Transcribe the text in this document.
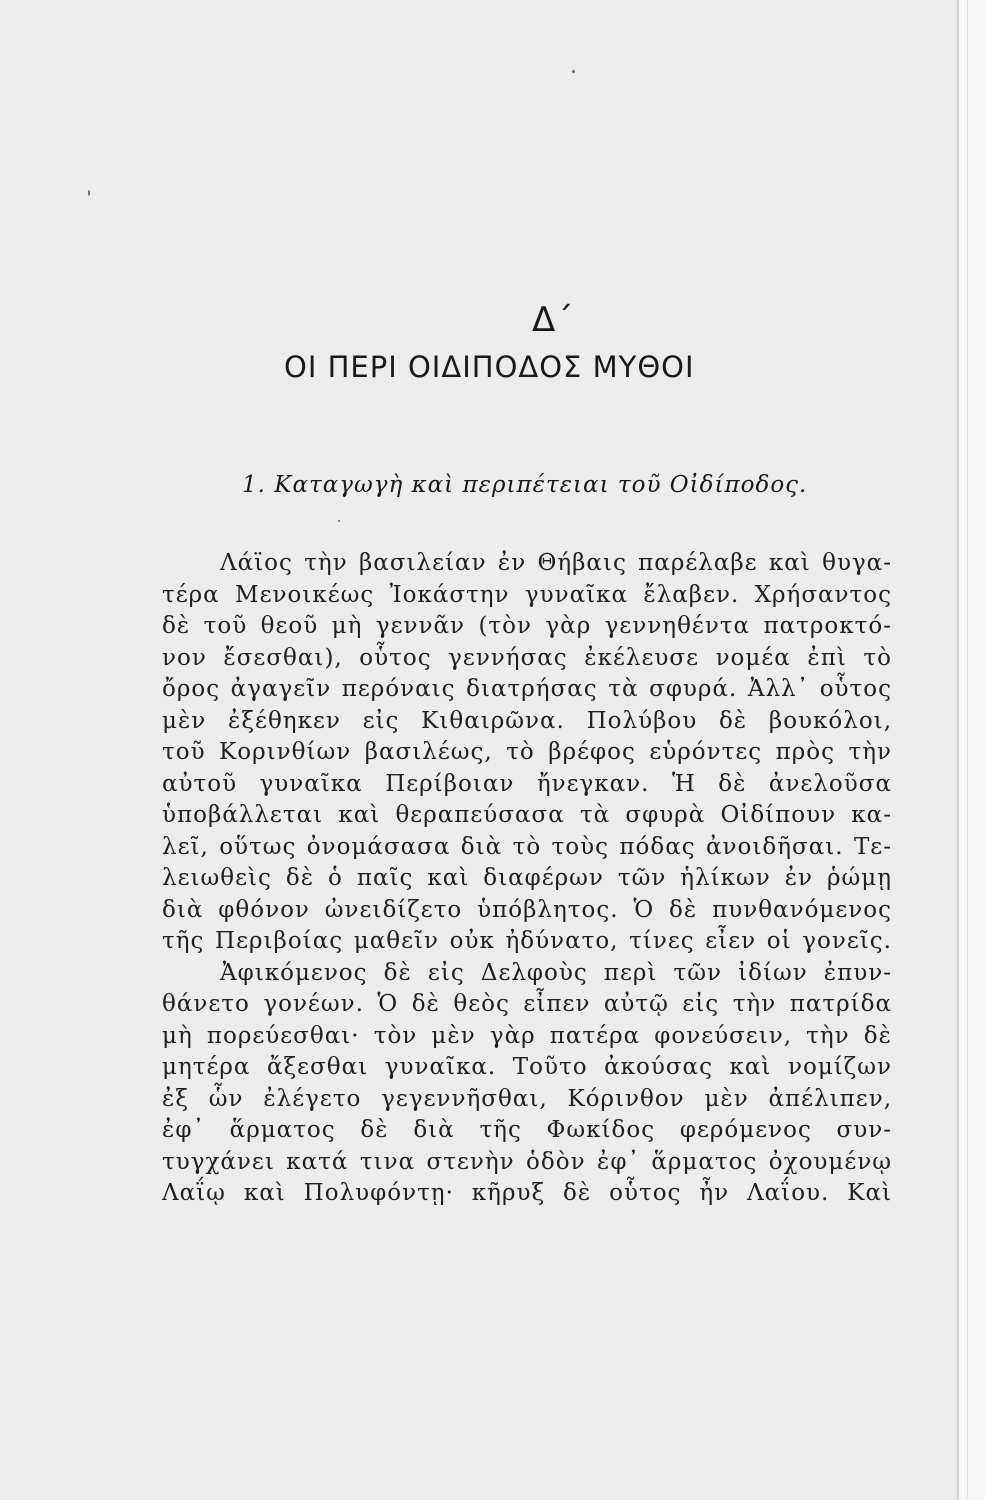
Δ΄
ΟΙ ΠΕΡΙ ΟΙΔΙΠΟΔΟΣ ΜΥΘΟΙ
1. Καταγωγὴ καὶ περιπέτειαι τοῦ Οἰδίποδος.
Λάϊος τὴν βασιλείαν ἐν Θήβαις παρέλαβε καὶ θυγα-
τέρα Μενοικέως Ἰοκάστην γυναῖκα ἔλαβεν. Χρήσαντος
δὲ τοῦ θεοῦ μὴ γεννᾶν (τὸν γὰρ γεννηθέντα πατροκτό-
νον ἔσεσθαι), οὗτος γεννήσας ἐκέλευσε νομέα ἐπὶ τὸ
ὄρος ἀγαγεῖν περόναις διατρήσας τὰ σφυρά. Ἀλλ᾽ οὗτος
μὲν ἐξέθηκεν εἰς Κιθαιρῶνα. Πολύβου δὲ βουκόλοι,
τοῦ Κορινθίων βασιλέως, τὸ βρέφος εὑρόντες πρὸς τὴν
αὐτοῦ γυναῖκα Περίβοιαν ἤνεγκαν. Ἡ δὲ ἀνελοῦσα
ὑποβάλλεται καὶ θεραπεύσασα τὰ σφυρὰ Οἰδίπουν κα-
λεῖ, οὕτως ὀνομάσασα διὰ τὸ τοὺς πόδας ἀνοιδῆσαι. Τε-
λειωθεὶς δὲ ὁ παῖς καὶ διαφέρων τῶν ἡλίκων ἐν ῥώμῃ
διὰ φθόνον ὠνειδίζετο ὑπόβλητος. Ὁ δὲ πυνθανόμενος
τῆς Περιβοίας μαθεῖν οὐκ ἠδύνατο, τίνες εἶεν οἱ γονεῖς.
Ἀφικόμενος δὲ εἰς Δελφοὺς περὶ τῶν ἰδίων ἐπυν-
θάνετο γονέων. Ὁ δὲ θεὸς εἶπεν αὐτῷ εἰς τὴν πατρίδα
μὴ πορεύεσθαι· τὸν μὲν γὰρ πατέρα φονεύσειν, τὴν δὲ
μητέρα ἄξεσθαι γυναῖκα. Τοῦτο ἀκούσας καὶ νομίζων
ἐξ ὧν ἐλέγετο γεγεννῆσθαι, Κόρινθον μὲν ἀπέλιπεν,
ἐφ᾽ ἅρματος δὲ διὰ τῆς Φωκίδος φερόμενος συν-
τυγχάνει κατά τινα στενὴν ὁδὸν ἐφ᾽ ἅρματος ὀχουμένῳ
Λαΐῳ καὶ Πολυφόντῃ· κῆρυξ δὲ οὗτος ἦν Λαΐου. Καὶ
